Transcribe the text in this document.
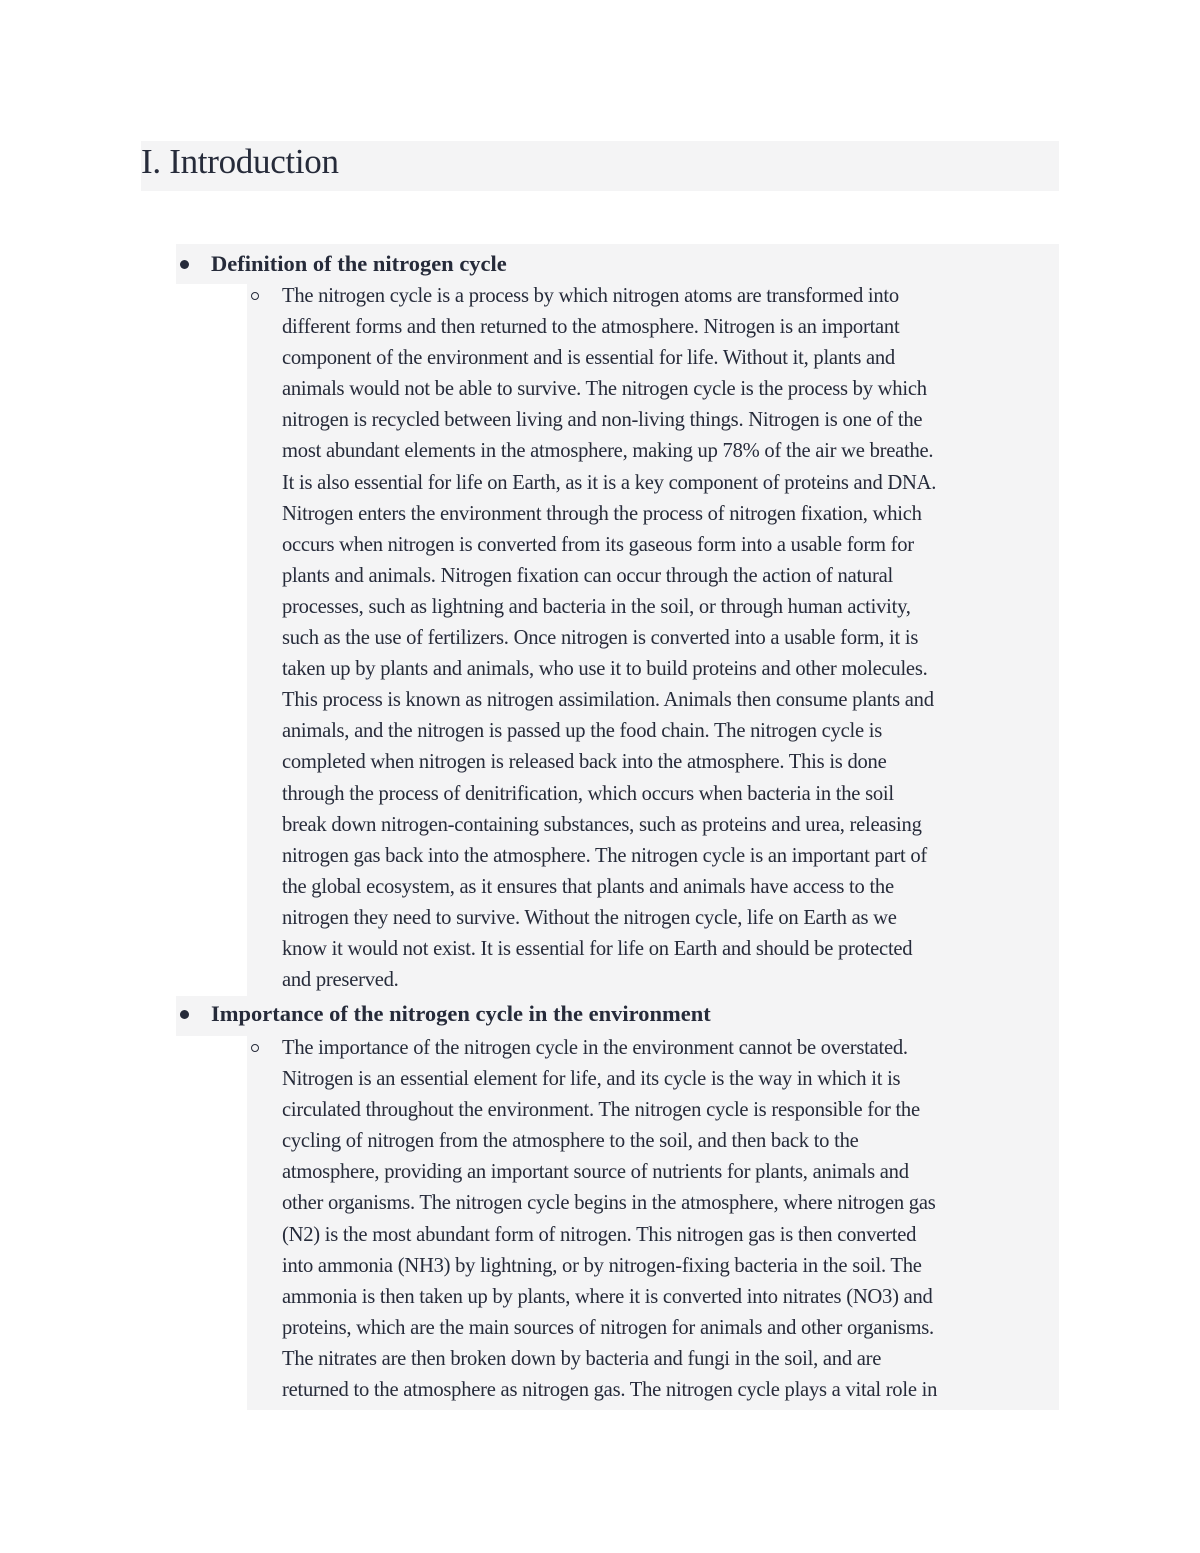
I. Introduction
Definition of the nitrogen cycle
The nitrogen cycle is a process by which nitrogen atoms are transformed into
different forms and then returned to the atmosphere. Nitrogen is an important
component of the environment and is essential for life. Without it, plants and
animals would not be able to survive. The nitrogen cycle is the process by which
nitrogen is recycled between living and non-living things. Nitrogen is one of the
most abundant elements in the atmosphere, making up 78% of the air we breathe.
It is also essential for life on Earth, as it is a key component of proteins and DNA.
Nitrogen enters the environment through the process of nitrogen fixation, which
occurs when nitrogen is converted from its gaseous form into a usable form for
plants and animals. Nitrogen fixation can occur through the action of natural
processes, such as lightning and bacteria in the soil, or through human activity,
such as the use of fertilizers. Once nitrogen is converted into a usable form, it is
taken up by plants and animals, who use it to build proteins and other molecules.
This process is known as nitrogen assimilation. Animals then consume plants and
animals, and the nitrogen is passed up the food chain. The nitrogen cycle is
completed when nitrogen is released back into the atmosphere. This is done
through the process of denitrification, which occurs when bacteria in the soil
break down nitrogen-containing substances, such as proteins and urea, releasing
nitrogen gas back into the atmosphere. The nitrogen cycle is an important part of
the global ecosystem, as it ensures that plants and animals have access to the
nitrogen they need to survive. Without the nitrogen cycle, life on Earth as we
know it would not exist. It is essential for life on Earth and should be protected
and preserved.
Importance of the nitrogen cycle in the environment
The importance of the nitrogen cycle in the environment cannot be overstated.
Nitrogen is an essential element for life, and its cycle is the way in which it is
circulated throughout the environment. The nitrogen cycle is responsible for the
cycling of nitrogen from the atmosphere to the soil, and then back to the
atmosphere, providing an important source of nutrients for plants, animals and
other organisms. The nitrogen cycle begins in the atmosphere, where nitrogen gas
(N2) is the most abundant form of nitrogen. This nitrogen gas is then converted
into ammonia (NH3) by lightning, or by nitrogen-fixing bacteria in the soil. The
ammonia is then taken up by plants, where it is converted into nitrates (NO3) and
proteins, which are the main sources of nitrogen for animals and other organisms.
The nitrates are then broken down by bacteria and fungi in the soil, and are
returned to the atmosphere as nitrogen gas. The nitrogen cycle plays a vital role in
